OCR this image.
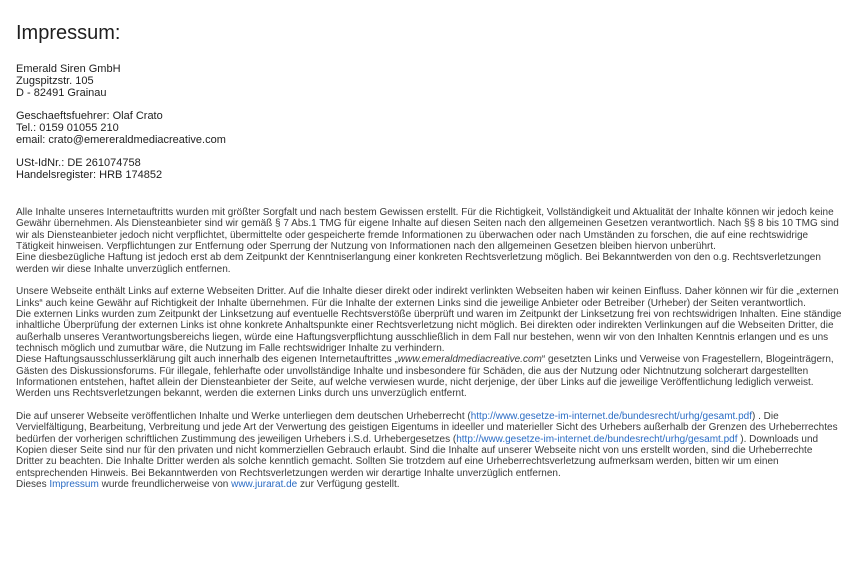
Impressum:
Emerald Siren GmbH
Zugspitzstr. 105
D - 82491 Grainau
Geschaeftsfuehrer: Olaf Crato
Tel.: 0159 01055 210
email: crato@emereraldmediacreative.com
USt-IdNr.: DE 261074758
Handelsregister: HRB 174852

Alle Inhalte unseres Internetauftritts wurden mit größter Sorgfalt und nach bestem Gewissen erstellt. Für die Richtigkeit, Vollständigkeit und Aktualität der Inhalte können wir jedoch keine Gewähr übernehmen. Als Diensteanbieter sind wir gemäß § 7 Abs.1 TMG für eigene Inhalte auf diesen Seiten nach den allgemeinen Gesetzen verantwortlich. Nach §§ 8 bis 10 TMG sind wir als Diensteanbieter jedoch nicht verpflichtet, übermittelte oder gespeicherte fremde Informationen zu überwachen oder nach Umständen zu forschen, die auf eine rechtswidrige Tätigkeit hinweisen. Verpflichtungen zur Entfernung oder Sperrung der Nutzung von Informationen nach den allgemeinen Gesetzen bleiben hiervon unberührt.
Eine diesbezügliche Haftung ist jedoch erst ab dem Zeitpunkt der Kenntniserlangung einer konkreten Rechtsverletzung möglich. Bei Bekanntwerden von den o.g. Rechtsverletzungen werden wir diese Inhalte unverzüglich entfernen.

Unsere Webseite enthält Links auf externe Webseiten Dritter. Auf die Inhalte dieser direkt oder indirekt verlinkten Webseiten haben wir keinen Einfluss. Daher können wir für die „externen Links“ auch keine Gewähr auf Richtigkeit der Inhalte übernehmen. Für die Inhalte der externen Links sind die jeweilige Anbieter oder Betreiber (Urheber) der Seiten verantwortlich.
Die externen Links wurden zum Zeitpunkt der Linksetzung auf eventuelle Rechtsverstöße überprüft und waren im Zeitpunkt der Linksetzung frei von rechtswidrigen Inhalten. Eine ständige inhaltliche Überprüfung der externen Links ist ohne konkrete Anhaltspunkte einer Rechtsverletzung nicht möglich. Bei direkten oder indirekten Verlinkungen auf die Webseiten Dritter, die außerhalb unseres Verantwortungsbereichs liegen, würde eine Haftungsverpflichtung ausschließlich in dem Fall nur bestehen, wenn wir von den Inhalten Kenntnis erlangen und es uns technisch möglich und zumutbar wäre, die Nutzung im Falle rechtswidriger Inhalte zu verhindern.
Diese Haftungsausschlusserklärung gilt auch innerhalb des eigenen Internetauftrittes „www.emeraldmediacreative.com“ gesetzten Links und Verweise von Fragestellern, Blogeinträgern, Gästen des Diskussionsforums. Für illegale, fehlerhafte oder unvollständige Inhalte und insbesondere für Schäden, die aus der Nutzung oder Nichtnutzung solcherart dargestellten Informationen entstehen, haftet allein der Diensteanbieter der Seite, auf welche verwiesen wurde, nicht derjenige, der über Links auf die jeweilige Veröffentlichung lediglich verweist. Werden uns Rechtsverletzungen bekannt, werden die externen Links durch uns unverzüglich entfernt.

Die auf unserer Webseite veröffentlichen Inhalte und Werke unterliegen dem deutschen Urheberrecht (http://www.gesetze-im-internet.de/bundesrecht/urhg/gesamt.pdf) . Die Vervielfältigung, Bearbeitung, Verbreitung und jede Art der Verwertung des geistigen Eigentums in ideeller und materieller Sicht des Urhebers außerhalb der Grenzen des Urheberrechtes bedürfen der vorherigen schriftlichen Zustimmung des jeweiligen Urhebers i.S.d. Urhebergesetzes (http://www.gesetze-im-internet.de/bundesrecht/urhg/gesamt.pdf ). Downloads und Kopien dieser Seite sind nur für den privaten und nicht kommerziellen Gebrauch erlaubt. Sind die Inhalte auf unserer Webseite nicht von uns erstellt worden, sind die Urheberrechte Dritter zu beachten. Die Inhalte Dritter werden als solche kenntlich gemacht. Sollten Sie trotzdem auf eine Urheberrechtsverletzung aufmerksam werden, bitten wir um einen entsprechenden Hinweis. Bei Bekanntwerden von Rechtsverletzungen werden wir derartige Inhalte unverzüglich entfernen.
Dieses Impressum wurde freundlicherweise von www.jurarat.de zur Verfügung gestellt.
